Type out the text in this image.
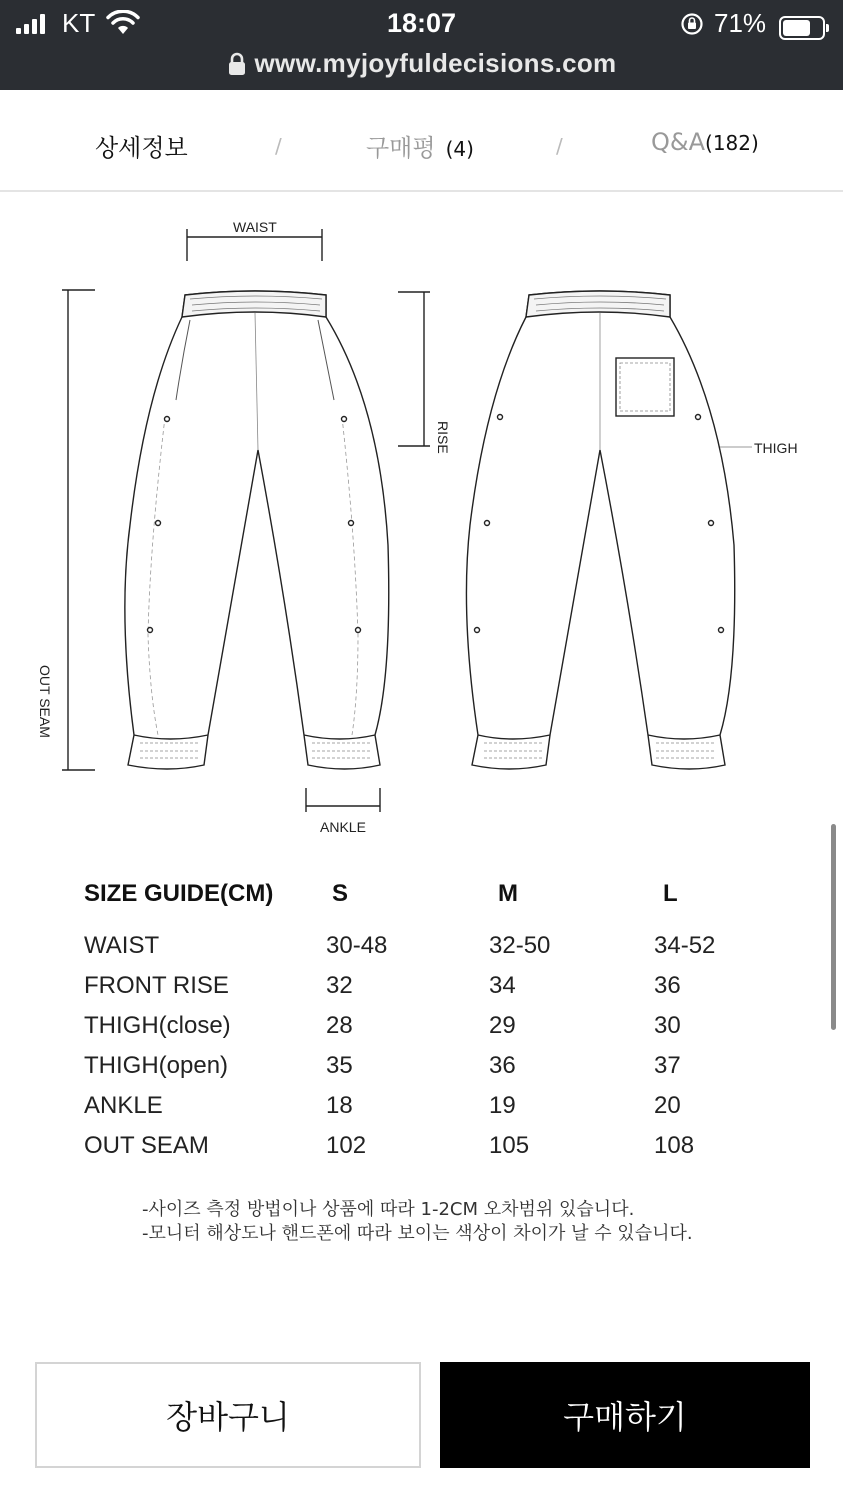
KT	18:07	71%
www.myjoyfuldecisions.com
상세정보	/	구매평 (4)	/	Q&A(182)
WAIST
THIGH
ANKLE
RISE
OUT SEAM
SIZE GUIDE(CM) S	M	L
WAIST	30-48	32-50	34-52
FRONT RISE	32	34	36
THIGH(close)	28	29	30
THIGH(open)	35	36	37
ANKLE	18	19	20
OUT SEAM	102	105	108
-사이즈 측정 방법이나 상품에 따라 1-2CM 오차범위 있습니다.
-모니터 해상도나 핸드폰에 따라 보이는 색상이 차이가 날 수 있습니다.
장바구니	구매하기
